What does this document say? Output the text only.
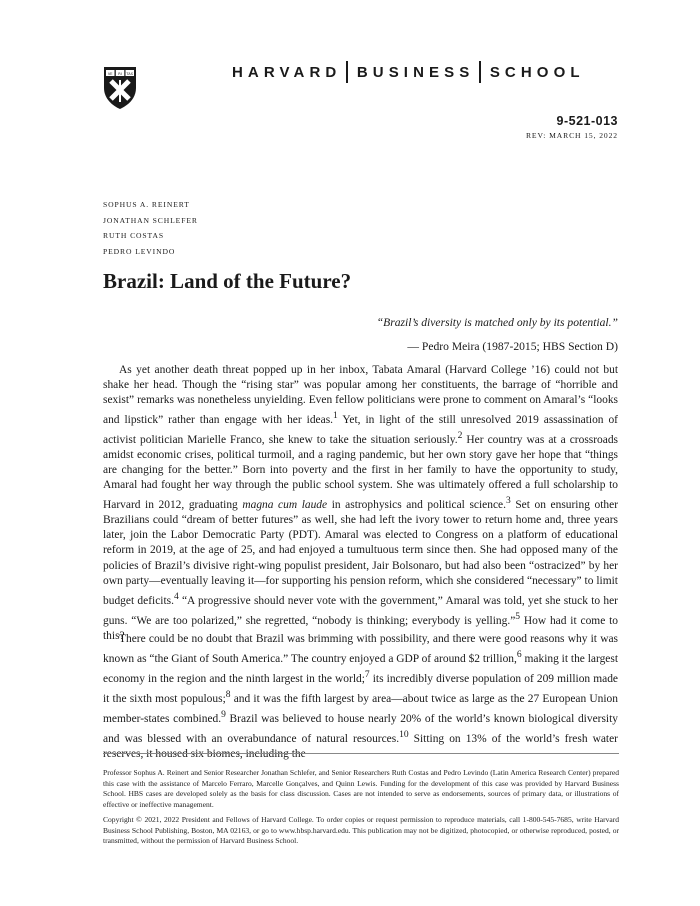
VE RI TAS	HARVARD BUSINESS SCHOOL
9-521-013
REV: MARCH 15, 2022
SOPHUS A. REINERT
JONATHAN SCHLEFER
RUTH COSTAS
PEDRO LEVINDO
Brazil: Land of the Future?
“Brazil’s diversity is matched only by its potential.”
— Pedro Meira (1987-2015; HBS Section D)

As yet another death threat popped up in her inbox, Tabata Amaral (Harvard College ’16) could not but shake her head. Though the “rising star” was popular among her constituents, the barrage of “horrible and sexist” remarks was nonetheless unyielding. Even fellow politicians were prone to comment on Amaral’s “looks and lipstick” rather than engage with her ideas.$^1$ Yet, in light of the still unresolved 2019 assassination of activist politician Marielle Franco, she knew to take the situation seriously.$^2$ Her country was at a crossroads amidst economic crises, political turmoil, and a raging pandemic, but her own story gave her hope that “things are changing for the better.” Born into poverty and the first in her family to have the opportunity to study, Amaral had fought her way through the public school system. She was ultimately offered a full scholarship to Harvard in 2012, graduating magna cum laude in astrophysics and political science.$^3$ Set on ensuring other Brazilians could “dream of better futures” as well, she had left the ivory tower to return home and, three years later, join the Labor Democratic Party (PDT). Amaral was elected to Congress on a platform of educational reform in 2019, at the age of 25, and had enjoyed a tumultuous term since then. She had opposed many of the policies of Brazil’s divisive right-wing populist president, Jair Bolsonaro, but had also been “ostracized” by her own party—eventually leaving it—for supporting his pension reform, which she considered “necessary” to limit budget deficits.$^4$ “A progressive should never vote with the government,” Amaral was told, yet she stuck to her guns. “We are too polarized,” she regretted, “nobody is thinking; everybody is yelling.”$^5$ How had it come to this?

There could be no doubt that Brazil was brimming with possibility, and there were good reasons why it was known as “the Giant of South America.” The country enjoyed a GDP of around $2 trillion,$^6$ making it the largest economy in the region and the ninth largest in the world;$^7$ its incredibly diverse population of 209 million made it the sixth most populous;$^8$ and it was the fifth largest by area—about twice as large as the 27 European Union member-states combined.$^9$ Brazil was believed to house nearly 20% of the world’s known biological diversity and was blessed with an overabundance of natural resources.$^{10}$ Sitting on 13% of the world’s fresh water

Professor Sophus A. Reinert and Senior Researcher Jonathan Schlefer, and Senior Researchers Ruth Costas and Pedro Levindo (Latin America Research Center) prepared this case with the assistance of Marcelo Ferraro, Marcelle Gonçalves, and Quinn Lewis. Funding for the development of this case was provided by Harvard Business School. HBS cases are developed solely as the basis for class discussion. Cases are not intended to serve as endorsements, sources of primary data, or illustrations of effective or ineffective management.

Copyright © 2021, 2022 President and Fellows of Harvard College. To order copies or request permission to reproduce materials, call 1-800-545-7685, write Harvard Business School Publishing, Boston, MA 02163, or go to www.hbsp.harvard.edu. This publication may not be digitized, photocopied, or otherwise reproduced, posted, or transmitted, without the permission of Harvard Business School.
